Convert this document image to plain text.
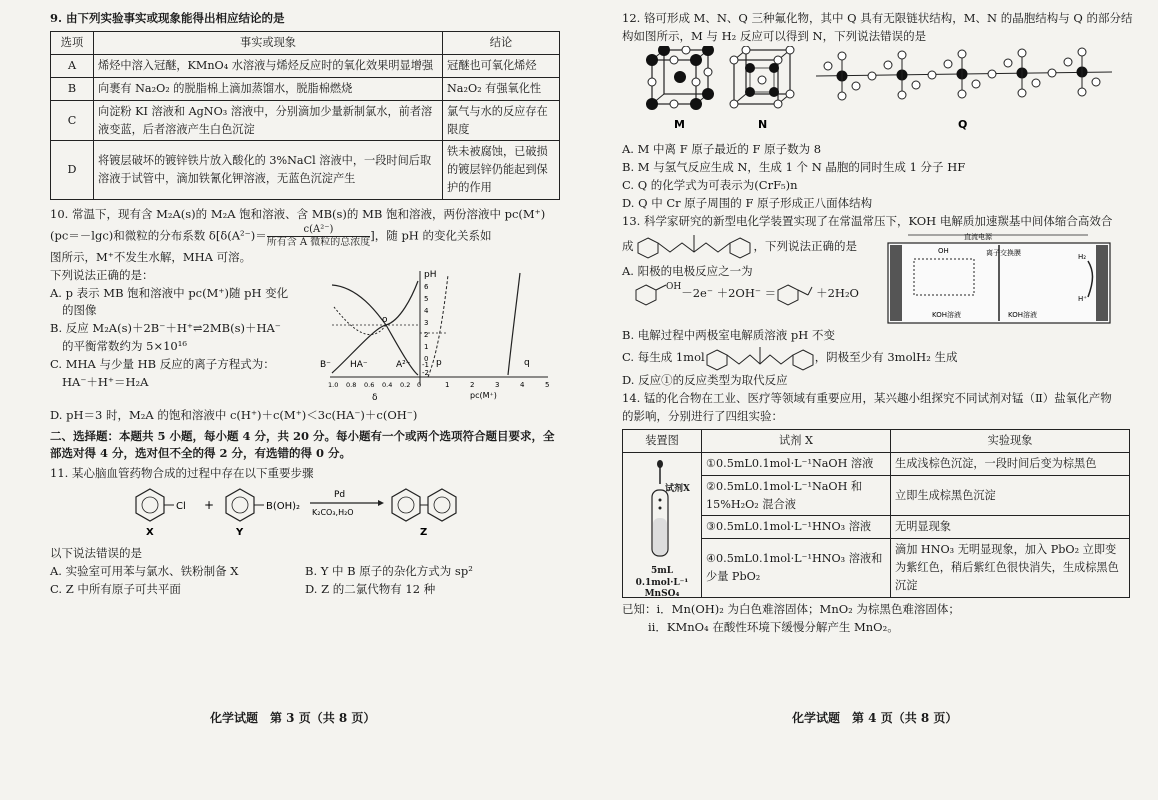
9. 由下列实验事实或现象能得出相应结论的是

选项	事实或现象	结论
A	烯烃中溶入冠醚，KMnO₄ 水溶液与烯烃反应时的氧化效果明显增强	冠醚也可氧化烯烃
B	向裹有 Na₂O₂ 的脱脂棉上滴加蒸馏水，脱脂棉燃烧	Na₂O₂ 有强氧化性
C	向淀粉 KI 溶液和 AgNO₃ 溶液中，分别滴加少量新制氯水，前者溶液变蓝，后者溶液产生白色沉淀	氯气与水的反应存在限度
D	将镀层破坏的镀锌铁片放入酸化的 3%NaCl 溶液中，一段时间后取溶液于试管中，滴加铁氰化钾溶液，无蓝色沉淀产生	铁未被腐蚀，已破损的镀层锌仍能起到保护的作用

10. 常温下，现有含 M₂A(s)的 M₂A 饱和溶液、含 MB(s)的 MB 饱和溶液，两份溶液中 pc(M⁺)

(pc＝－lgc)和微粒的分布系数 $\delta[\delta(A^{2-})= \frac{\text{c(A²⁻)}}{\text{所有含 A 微粒的总浓度}}$ ]，随 pH 的变化关系如

图所示，M⁺不发生水解，MHA 可溶。

下列说法正确的是：

A. p 表示 MB 饱和溶液中 pc(M⁺)随 pH 变化

的图像

B. 反应 M₂A(s)＋2B⁻＋H⁺⇌2MB(s)＋HA⁻

的平衡常数约为 5×10¹⁶

C. MHA 与少量 HB 反应的离子方程式为：

HA⁻＋H⁺＝H₂A

pH
6
5
4
3
2
1
0
-1
-2
B⁻ HA⁻	A²⁻
o
p	q
1.0 0.8 0.6 0.4 0.2 0	1	2	3	4	5
δ	pc(M⁺)

D. pH＝3 时，M₂A 的饱和溶液中 c(H⁺)＋c(M⁺)＜3c(HA⁻)＋c(OH⁻)

二、选择题：本题共 5 小题，每小题 4 分，共 20 分。每小题有一个或两个选项符合题目要求，全

部选对得 4 分，选对但不全的得 2 分，有选错的得 0 分。

11. 某心脑血管药物合成的过程中存在以下重要步骤

Cl
X
+	B(OH)₂
Y
Pd
K₂CO₃,H₂O
Z

以下说法错误的是

A. 实验室可用苯与氯水、铁粉制备 X	B. Y 中 B 原子的杂化方式为 sp²
C. Z 中所有原子可共平面	D. Z 的二氯代物有 12 种
化学试题　第 3 页（共 8 页）

12. 铬可形成 M、N、Q 三种氟化物，其中 Q 具有无限链状结构，M、N 的晶胞结构与 Q 的部分结

构如图所示，M 与 H₂ 反应可以得到 N，下列说法错误的是

M	N	Q

A. M 中离 F 原子最近的 F 原子数为 8

B. M 与氢气反应生成 N，生成 1 个 N 晶胞的同时生成 1 分子 HF

C. Q 的化学式为可表示为(CrF₅)n

D. Q 中 Cr 原子周围的 F 原子形成正八面体结构

13. 科学家研究的新型电化学装置实现了在常温常压下，KOH 电解质加速羰基中间体缩合高效合

成	，下列说法正确的是

A. 阳极的电极反应之一为

OH －2e⁻ ＋2OH⁻ ＝	＋2H₂O
直流电源
离子交换膜
OH
KOH溶液	KOH溶液
H₂
H⁺

B. 电解过程中两极室电解质溶液 pH 不变

C. 每生成 1mol	，阴极至少有 3molH₂ 生成

D. 反应①的反应类型为取代反应

14. 锰的化合物在工业、医疗等领域有重要应用，某兴趣小组探究不同试剂对锰（Ⅱ）盐氧化产物

的影响，分别进行了四组实验：

装置图	试剂 X	实验现象

试剂X
5mL 0.1mol·L⁻¹
MnSO₄	①0.5mL0.1mol·L⁻¹NaOH 溶液	生成浅棕色沉淀，一段时间后变为棕黑色
	②0.5mL0.1mol·L⁻¹NaOH 和 15%H₂O₂ 混合液	立即生成棕黑色沉淀
	③0.5mL0.1mol·L⁻¹HNO₃ 溶液	无明显现象
	④0.5mL0.1mol·L⁻¹HNO₃ 溶液和少量 PbO₂	滴加 HNO₃ 无明显现象，加入 PbO₂ 立即变为紫红色，稍后紫红色很快消失，生成棕黑色沉淀

已知：ⅰ．Mn(OH)₂ 为白色难溶固体；MnO₂ 为棕黑色难溶固体；

ⅱ．KMnO₄ 在酸性环境下缓慢分解产生 MnO₂。

化学试题　第 4 页（共 8 页）
